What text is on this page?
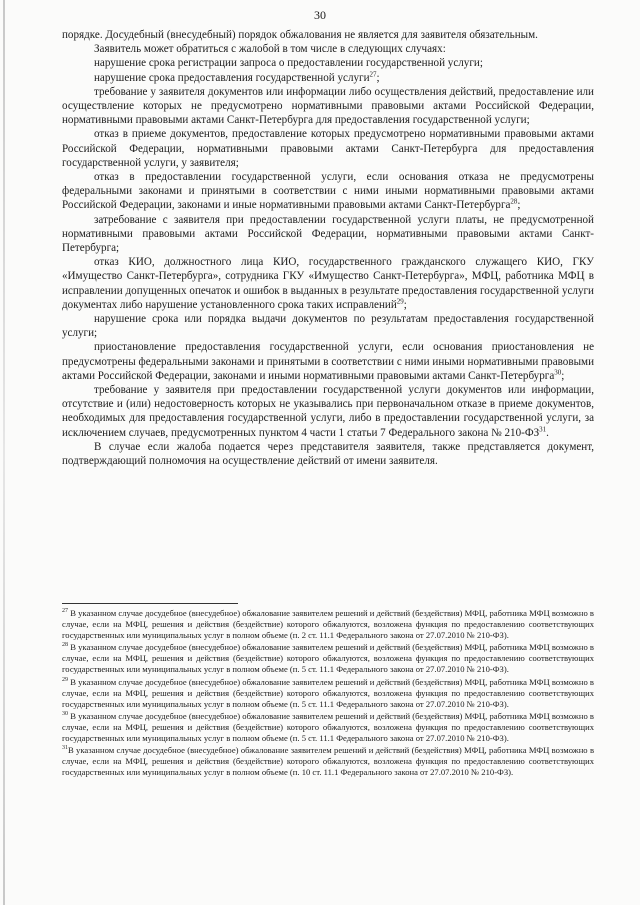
30

порядке. Досудебный (внесудебный) порядок обжалования не является для заявителя обязательным.

Заявитель может обратиться с жалобой в том числе в следующих случаях:

нарушение срока регистрации запроса о предоставлении государственной услуги;

нарушение срока предоставления государственной услуги$^{27}$;

требование у заявителя документов или информации либо осуществления действий, предоставление или осуществление которых не предусмотрено нормативными правовыми актами Российской Федерации, нормативными правовыми актами Санкт-Петербурга для предоставления государственной услуги;

отказ в приеме документов, предоставление которых предусмотрено нормативными правовыми актами Российской Федерации, нормативными правовыми актами Санкт-Петербурга для предоставления государственной услуги, у заявителя;

отказ в предоставлении государственной услуги, если основания отказа не предусмотрены федеральными законами и принятыми в соответствии с ними иными нормативными правовыми актами Российской Федерации, законами и иные нормативными правовыми актами Санкт-Петербурга$^{28}$;

затребование с заявителя при предоставлении государственной услуги платы, не предусмотренной нормативными правовыми актами Российской Федерации, нормативными правовыми актами Санкт-Петербурга;

отказ КИО, должностного лица КИО, государственного гражданского служащего КИО, ГКУ «Имущество Санкт-Петербурга», сотрудника ГКУ «Имущество Санкт-Петербурга», МФЦ, работника МФЦ в исправлении допущенных опечаток и ошибок в выданных в результате предоставления государственной услуги документах либо нарушение установленного срока таких исправлений$^{29}$;

нарушение срока или порядка выдачи документов по результатам предоставления государственной услуги;

приостановление предоставления государственной услуги, если основания приостановления не предусмотрены федеральными законами и принятыми в соответствии с ними иными нормативными правовыми актами Российской Федерации, законами и иными нормативными правовыми актами Санкт-Петербурга$^{30}$;

требование у заявителя при предоставлении государственной услуги документов или информации, отсутствие и (или) недостоверность которых не указывались при первоначальном отказе в приеме документов, необходимых для предоставления государственной услуги, либо в предоставлении государственной услуги, за исключением случаев, предусмотренных пунктом 4 части 1 статьи 7 Федерального закона № 210-ФЗ$^{31}$.

В случае если жалоба подается через представителя заявителя, также представляется документ, подтверждающий полномочия на осуществление действий от имени заявителя.

$^{27}$ В указанном случае досудебное (внесудебное) обжалование заявителем решений и действий (бездействия) МФЦ, работника МФЦ возможно в случае, если на МФЦ, решения и действия (бездействие) которого обжалуются, возложена функция по предоставлению соответствующих государственных или муниципальных услуг в полном объеме (п. 2 ст. 11.1 Федерального закона от 27.07.2010 № 210-ФЗ).

$^{28}$ В указанном случае досудебное (внесудебное) обжалование заявителем решений и действий (бездействия) МФЦ, работника МФЦ возможно в случае, если на МФЦ, решения и действия (бездействие) которого обжалуются, возложена функция по предоставлению соответствующих государственных или муниципальных услуг в полном объеме (п. 5 ст. 11.1 Федерального закона от 27.07.2010 № 210-ФЗ).

$^{29}$ В указанном случае досудебное (внесудебное) обжалование заявителем решений и действий (бездействия) МФЦ, работника МФЦ возможно в случае, если на МФЦ, решения и действия (бездействие) которого обжалуются, возложена функция по предоставлению соответствующих государственных или муниципальных услуг в полном объеме (п. 5 ст. 11.1 Федерального закона от 27.07.2010 № 210-ФЗ).

$^{30}$ В указанном случае досудебное (внесудебное) обжалование заявителем решений и действий (бездействия) МФЦ, работника МФЦ возможно в случае, если на МФЦ, решения и действия (бездействие) которого обжалуются, возложена функция по предоставлению соответствующих государственных или муниципальных услуг в полном объеме (п. 5 ст. 11.1 Федерального закона от 27.07.2010 № 210-ФЗ).

$^{31}$В указанном случае досудебное (внесудебное) обжалование заявителем решений и действий (бездействия) МФЦ, работника МФЦ возможно в случае, если на МФЦ, решения и действия (бездействие) которого обжалуются, возложена функция по предоставлению соответствующих государственных или муниципальных услуг в полном объеме (п. 10 ст. 11.1 Федерального закона от 27.07.2010 № 210-ФЗ).
